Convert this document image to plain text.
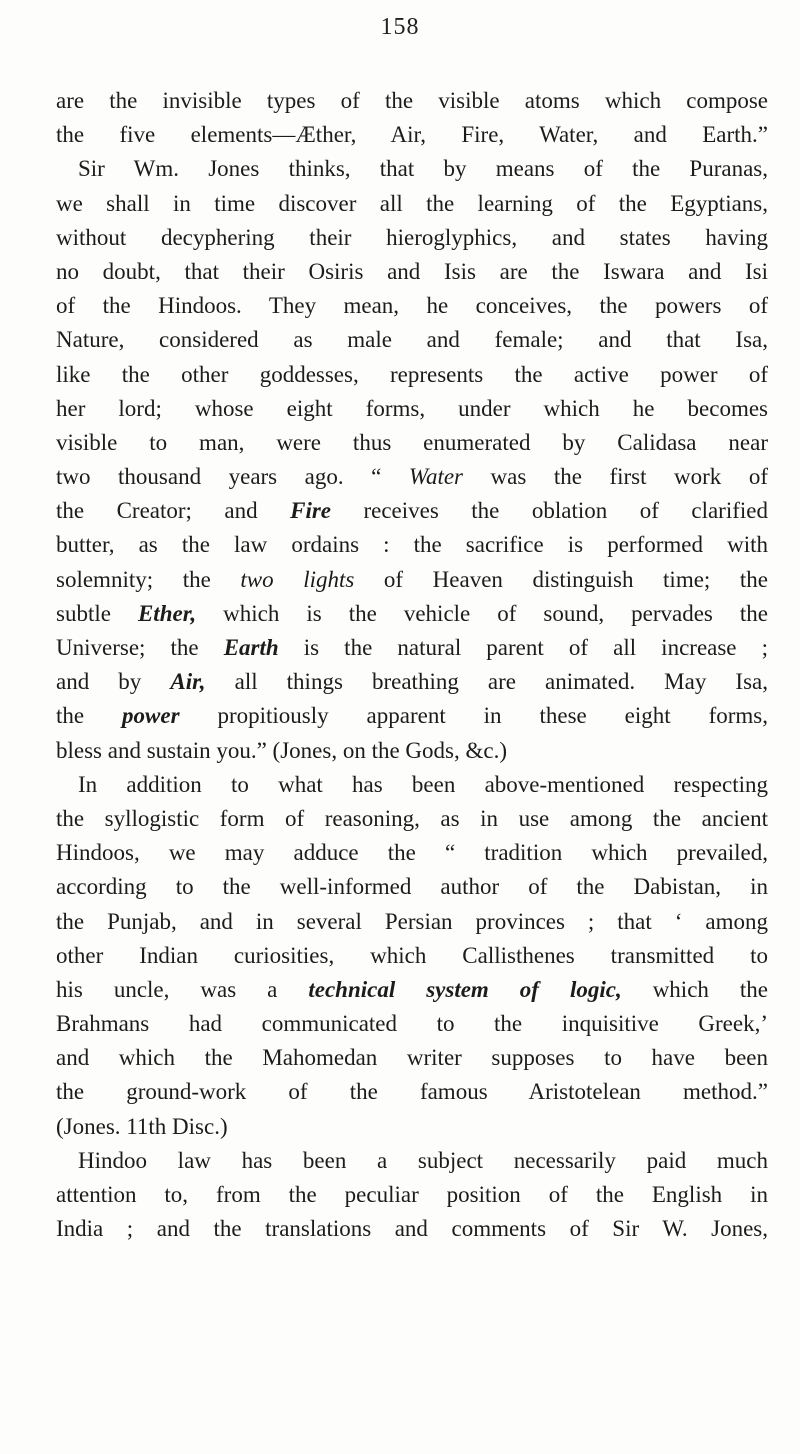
158
are the invisible types of the visible atoms which compose
the five elements—Æther, Air, Fire, Water, and Earth.”
Sir Wm. Jones thinks, that by means of the Puranas,
we shall in time discover all the learning of the Egyptians,
without decyphering their hieroglyphics, and states having
no doubt, that their Osiris and Isis are the Iswara and Isi
of the Hindoos. They mean, he conceives, the powers of
Nature, considered as male and female; and that Isa,
like the other goddesses, represents the active power of
her lord; whose eight forms, under which he becomes
visible to man, were thus enumerated by Calidasa near
two thousand years ago. “ Water was the first work of
the Creator; and Fire receives the oblation of clarified
butter, as the law ordains : the sacrifice is performed with
solemnity; the two lights of Heaven distinguish time; the
subtle Ether, which is the vehicle of sound, pervades the
Universe; the Earth is the natural parent of all increase ;
and by Air, all things breathing are animated. May Isa,
the power propitiously apparent in these eight forms,
bless and sustain you.” (Jones, on the Gods, &c.)
In addition to what has been above-mentioned respecting
the syllogistic form of reasoning, as in use among the ancient
Hindoos, we may adduce the “ tradition which prevailed,
according to the well-informed author of the Dabistan, in
the Punjab, and in several Persian provinces ; that ‘ among
other Indian curiosities, which Callisthenes transmitted to
his uncle, was a technical system of logic, which the
Brahmans had communicated to the inquisitive Greek,’
and which the Mahomedan writer supposes to have been
the ground-work of the famous Aristotelean method.”
(Jones. 11th Disc.)
Hindoo law has been a subject necessarily paid much
attention to, from the peculiar position of the English in
India ; and the translations and comments of Sir W. Jones,
